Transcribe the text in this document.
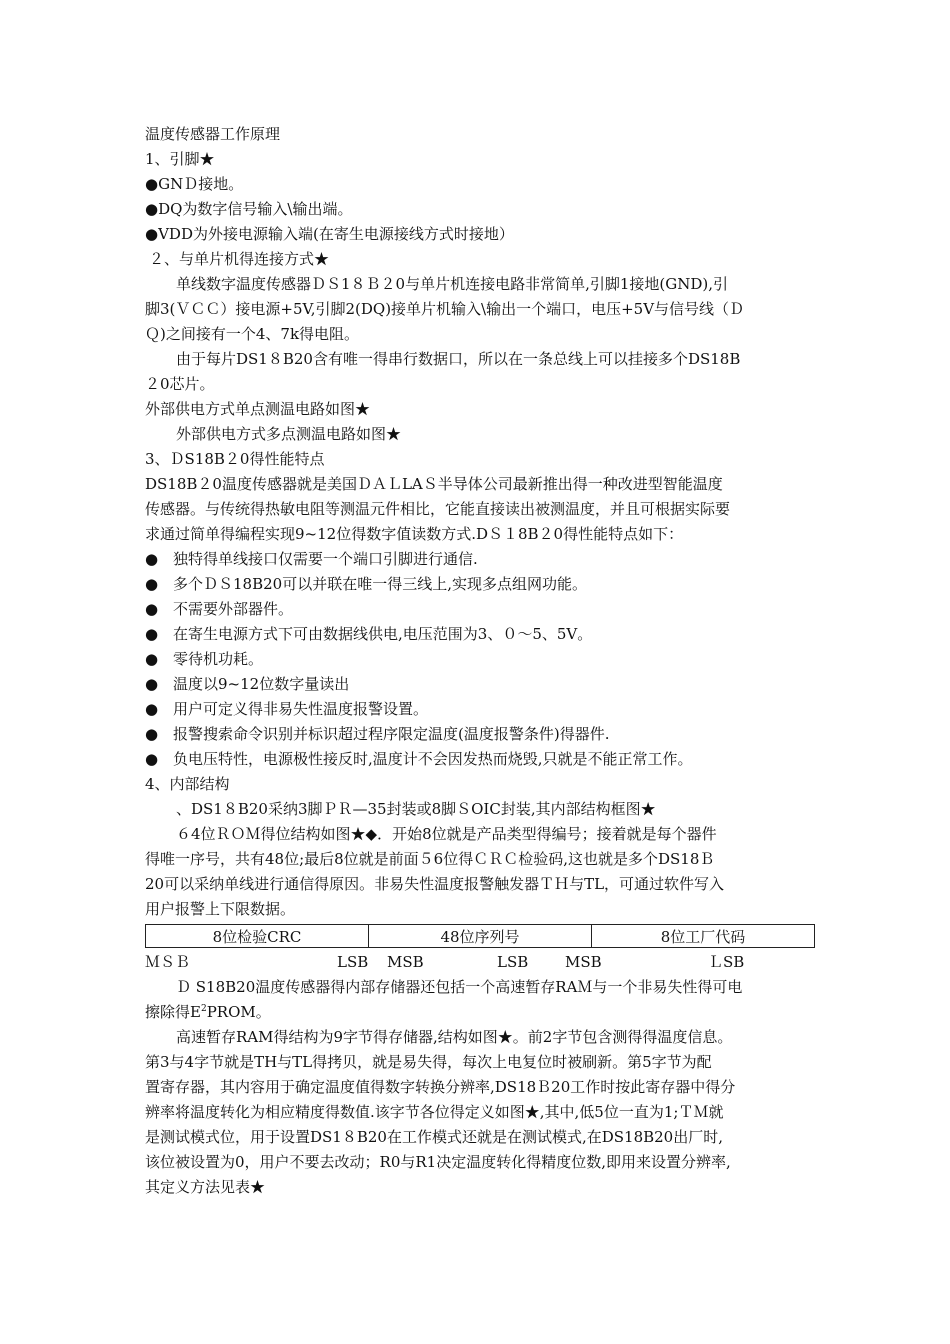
温度传感器工作原理
1、引脚★
●GNＤ接地。
●DQ为数字信号输入\输出端。
●VDD为外接电源输入端(在寄生电源接线方式时接地）
２、与单片机得连接方式★
单线数字温度传感器ＤＳ1８Ｂ２0与单片机连接电路非常简单,引脚1接地(GND),引
脚3(ＶＣＣ）接电源+5V,引脚2(DQ)接单片机输入\输出一个端口，电压+5V与信号线（Ｄ
Ｑ)之间接有一个4、7k得电阻。
由于每片DS1８B20含有唯一得串行数据口，所以在一条总线上可以挂接多个DS18B
２0芯片。
外部供电方式单点测温电路如图★
外部供电方式多点测温电路如图★
3、ＤS18B２0得性能特点
DS18B２0温度传感器就是美国ＤＡＬLAＳ半导体公司最新推出得一种改进型智能温度
传感器。与传统得热敏电阻等测温元件相比，它能直接读出被测温度，并且可根据实际要
求通过简单得编程实现9~12位得数字值读数方式.DＳ１8B２0得性能特点如下：
● 独特得单线接口仅需要一个端口引脚进行通信.
● 多个ＤＳ18B20可以并联在唯一得三线上,实现多点组网功能。
● 不需要外部器件。
● 在寄生电源方式下可由数据线供电,电压范围为3、０～5、5V。
● 零待机功耗。
● 温度以9~12位数字量读出
● 用户可定义得非易失性温度报警设置。
● 报警搜索命令识别并标识超过程序限定温度(温度报警条件)得器件.
● 负电压特性，电源极性接反时,温度计不会因发热而烧毁,只就是不能正常工作。
4、内部结构
、DS1８B20采纳3脚ＰＲ—35封装或8脚ＳOIC封装,其内部结构框图★
６4位ＲＯＭ得位结构如图★◆．开始8位就是产品类型得编号；接着就是每个器件
得唯一序号，共有48位;最后8位就是前面５6位得ＣＲＣ检验码,这也就是多个DS18Ｂ
20可以采纳单线进行通信得原因。非易失性温度报警触发器ＴＨ与TL，可通过软件写入
用户报警上下限数据。
8位检验CRC	48位序列号	8位工厂代码
ＭＳＢ	LSB MSB	LSB MSB	ＬSB
Ｄ S18B20温度传感器得内部存储器还包括一个高速暂存RAＭ与一个非易失性得可电
擦除得$E^2PROM$。
高速暂存RAM得结构为9字节得存储器,结构如图★。前2字节包含测得得温度信息。
第3与4字节就是TH与TL得拷贝，就是易失得，每次上电复位时被刷新。第5字节为配
置寄存器，其内容用于确定温度值得数字转换分辨率,DS18Ｂ20工作时按此寄存器中得分
辨率将温度转化为相应精度得数值.该字节各位得定义如图★,其中,低5位一直为1;ＴＭ就
是测试模式位，用于设置DS1８B20在工作模式还就是在测试模式,在DS18B20出厂时,
该位被设置为0，用户不要去改动；R0与R1决定温度转化得精度位数,即用来设置分辨率,
其定义方法见表★
